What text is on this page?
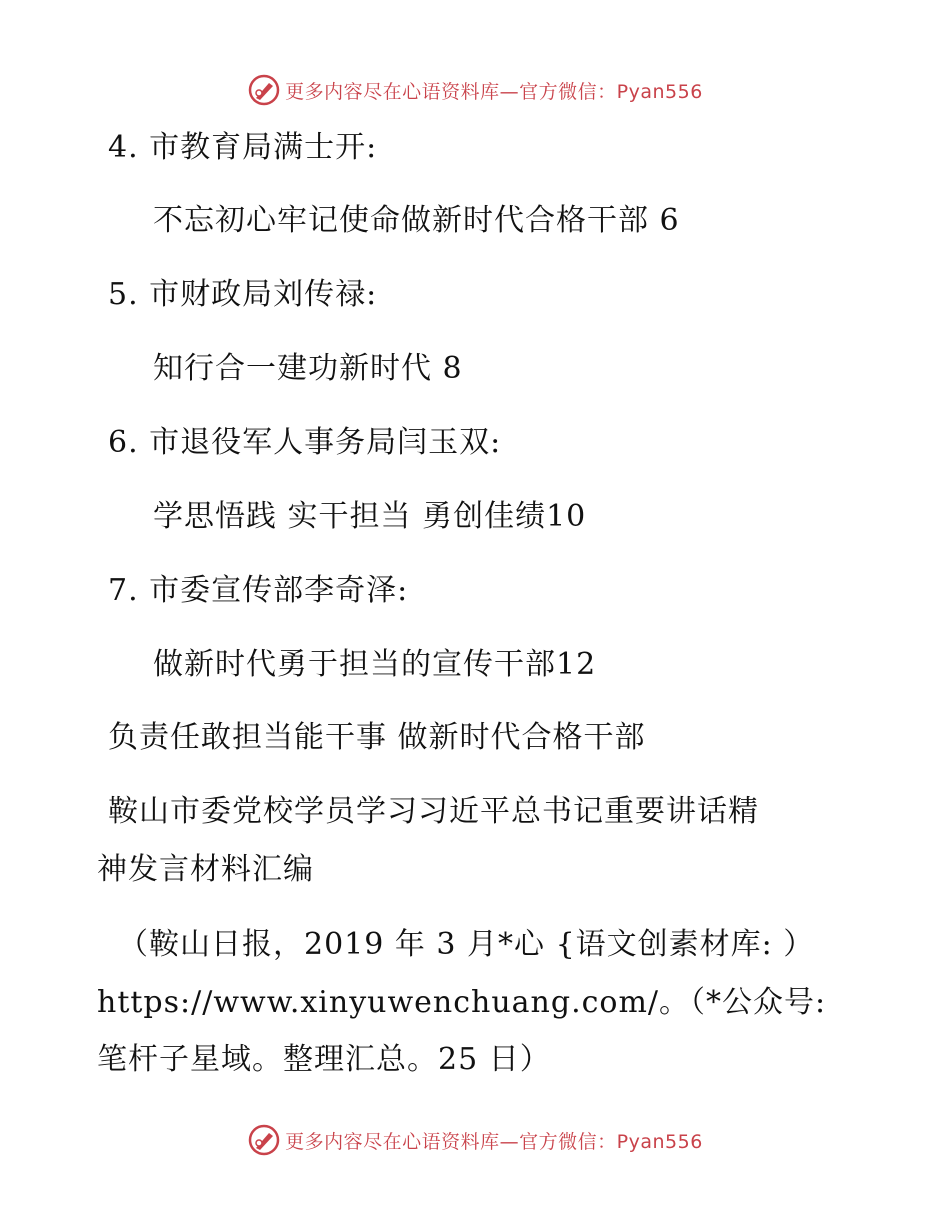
更多内容尽在心语资料库—官方微信：Pyan556
4. 市教育局满士开:
不忘初心牢记使命做新时代合格干部 6
5. 市财政局刘传禄:
知行合一建功新时代 8
6. 市退役军人事务局闫玉双:
学思悟践 实干担当 勇创佳绩10
7. 市委宣传部李奇泽:
做新时代勇于担当的宣传干部12
负责任敢担当能干事 做新时代合格干部
鞍山市委党校学员学习习近平总书记重要讲话精
神发言材料汇编
（鞍山日报，2019 年 3 月*心 {语文创素材库: ）
https://www.xinyuwenchuang.com/。（*公众号:
笔杆子星域。整理汇总。25 日）
更多内容尽在心语资料库—官方微信：Pyan556
